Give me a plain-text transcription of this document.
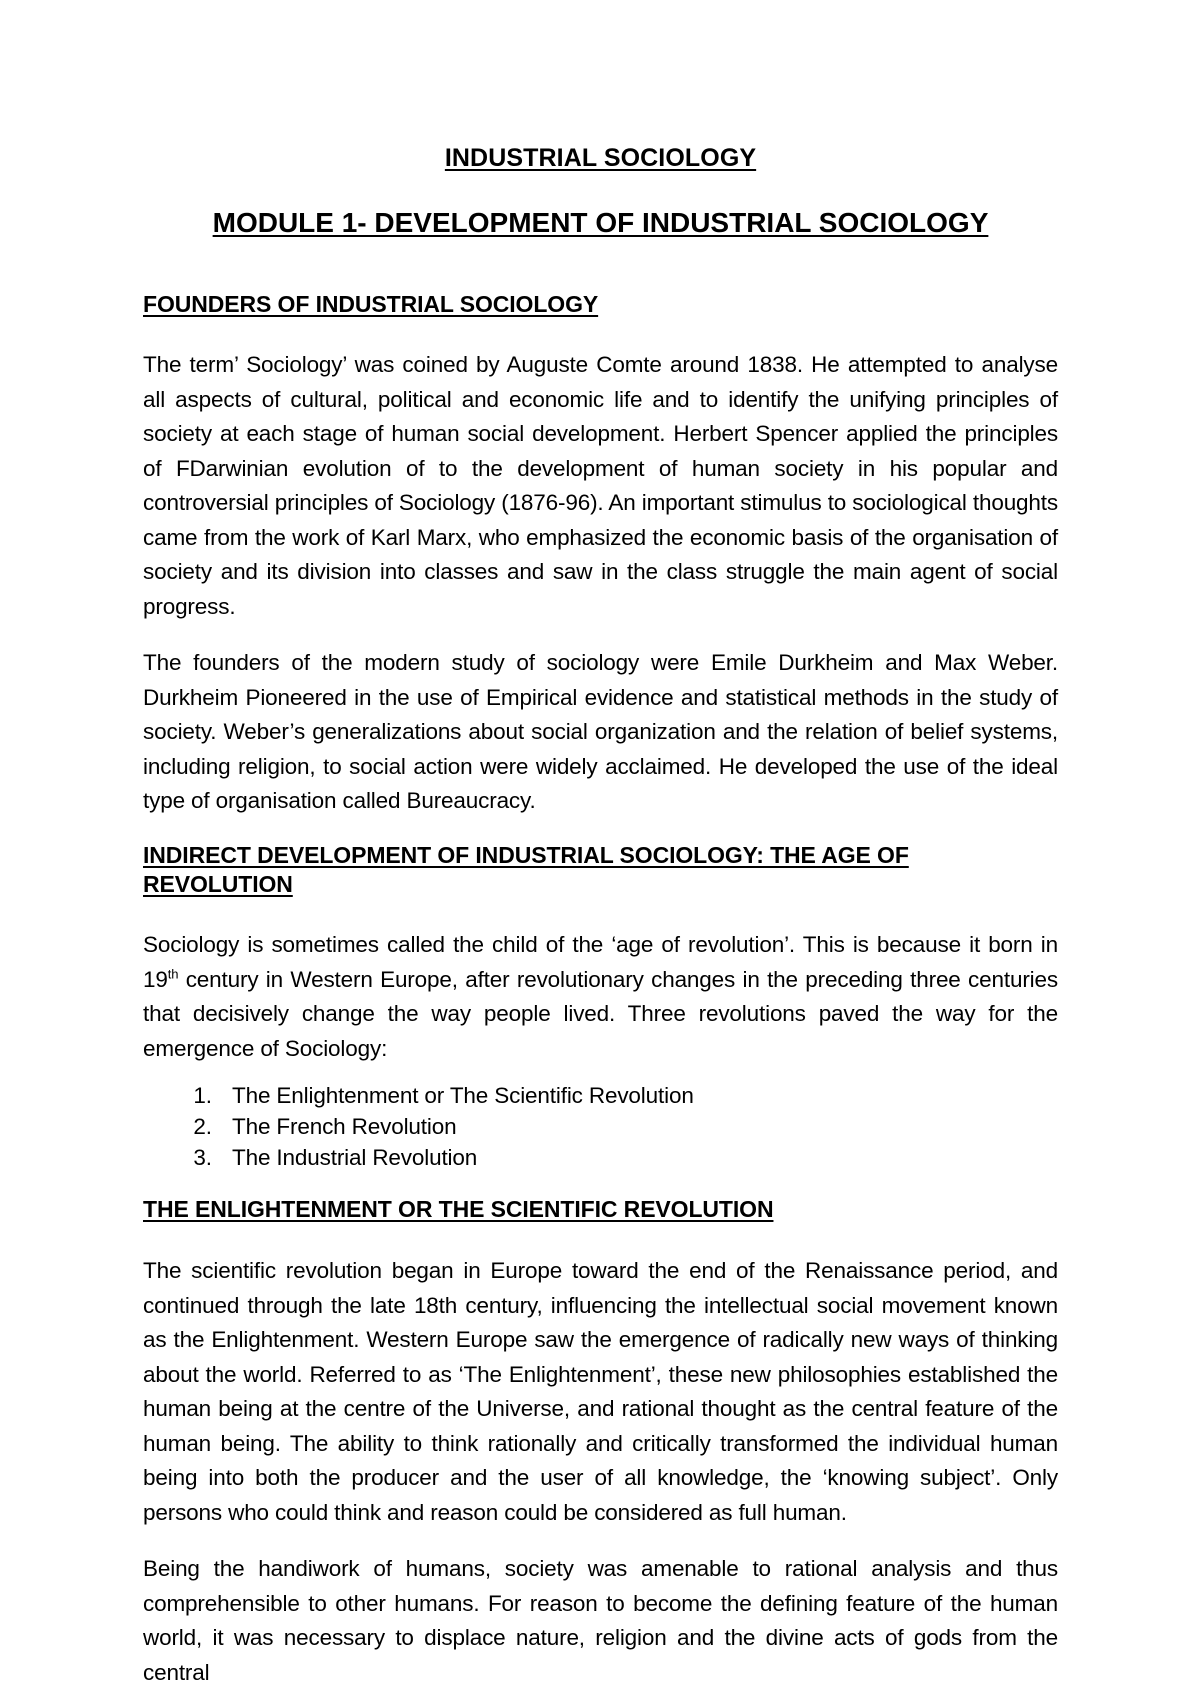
INDUSTRIAL SOCIOLOGY
MODULE 1- DEVELOPMENT OF INDUSTRIAL SOCIOLOGY
FOUNDERS OF INDUSTRIAL SOCIOLOGY

The term’ Sociology’ was coined by Auguste Comte around 1838. He attempted to analyse all aspects of cultural, political and economic life and to identify the unifying principles of society at each stage of human social development. Herbert Spencer applied the principles of FDarwinian evolution of to the development of human society in his popular and controversial principles of Sociology (1876-96). An important stimulus to sociological thoughts came from the work of Karl Marx, who emphasized the economic basis of the organisation of society and its division into classes and saw in the class struggle the main agent of social progress.

The founders of the modern study of sociology were Emile Durkheim and Max Weber. Durkheim Pioneered in the use of Empirical evidence and statistical methods in the study of society. Weber’s generalizations about social organization and the relation of belief systems, including religion, to social action were widely acclaimed. He developed the use of the ideal type of organisation called Bureaucracy.

INDIRECT DEVELOPMENT OF INDUSTRIAL SOCIOLOGY: THE AGE OF REVOLUTION

Sociology is sometimes called the child of the ‘age of revolution’. This is because it born in 19th century in Western Europe, after revolutionary changes in the preceding three centuries that decisively change the way people lived. Three revolutions paved the way for the emergence of Sociology:

1. The Enlightenment or The Scientific Revolution
2. The French Revolution
3. The Industrial Revolution
THE ENLIGHTENMENT OR THE SCIENTIFIC REVOLUTION

The scientific revolution began in Europe toward the end of the Renaissance period, and continued through the late 18th century, influencing the intellectual social movement known as the Enlightenment. Western Europe saw the emergence of radically new ways of thinking about the world. Referred to as ‘The Enlightenment’, these new philosophies established the human being at the centre of the Universe, and rational thought as the central feature of the human being. The ability to think rationally and critically transformed the individual human being into both the producer and the user of all knowledge, the ‘knowing subject’. Only persons who could think and reason could be considered as full human.

Being the handiwork of humans, society was amenable to rational analysis and thus comprehensible to other humans. For reason to become the defining feature of the human world, it was necessary to displace nature, religion and the divine acts of gods from the central
